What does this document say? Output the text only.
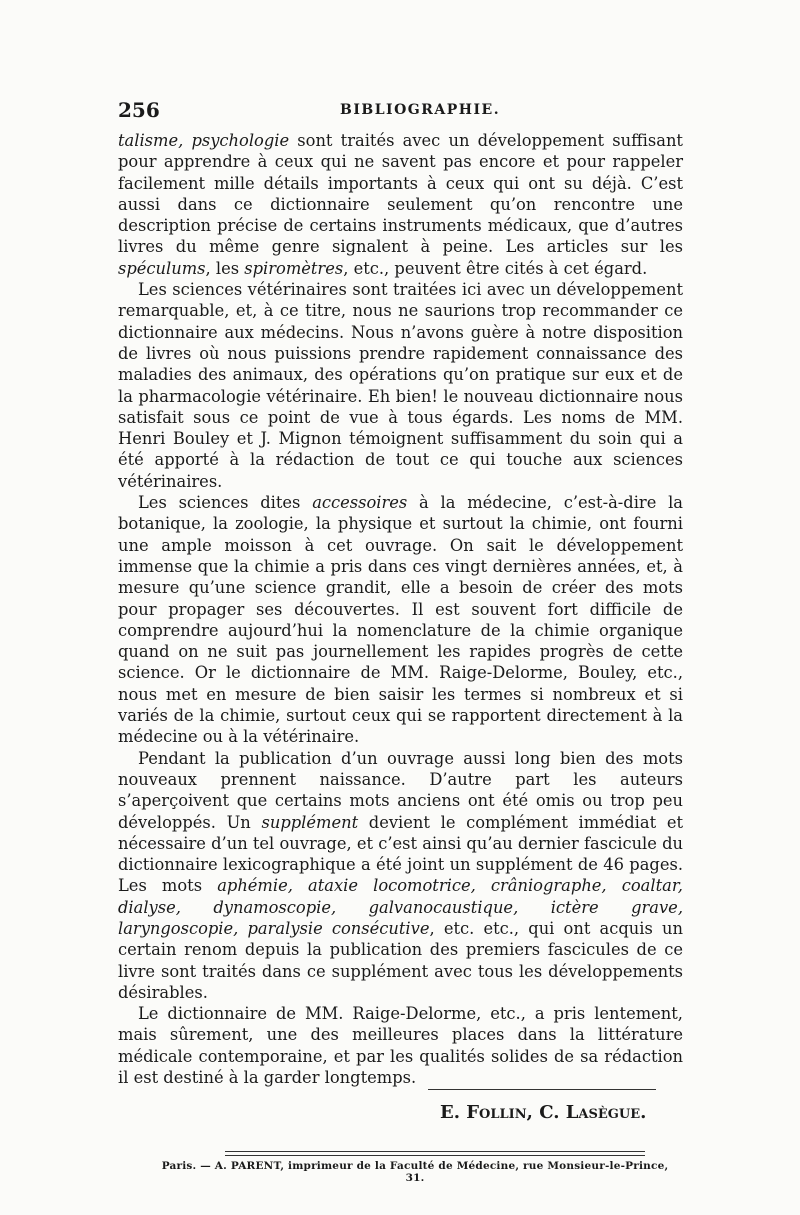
256	BIBLIOGRAPHIE.

talisme, psychologie sont traités avec un développement suffisant pour apprendre à ceux qui ne savent pas encore et pour rappeler facilement mille détails importants à ceux qui ont su déjà. C’est aussi dans ce dictionnaire seulement qu’on rencontre une description précise de certains instruments médicaux, que d’autres livres du même genre signalent à peine. Les articles sur les spéculums, les spiromètres, etc., peuvent être cités à cet égard.

Les sciences vétérinaires sont traitées ici avec un développement remarquable, et, à ce titre, nous ne saurions trop recommander ce dictionnaire aux médecins. Nous n’avons guère à notre disposition de livres où nous puissions prendre rapidement connaissance des maladies des animaux, des opérations qu’on pratique sur eux et de la pharmacologie vétérinaire. Eh bien! le nouveau dictionnaire nous satisfait sous ce point de vue à tous égards. Les noms de MM. Henri Bouley et J. Mignon témoignent suffisamment du soin qui a été apporté à la rédaction de tout ce qui touche aux sciences vétérinaires.

Les sciences dites accessoires à la médecine, c’est-à-dire la botanique, la zoologie, la physique et surtout la chimie, ont fourni une ample moisson à cet ouvrage. On sait le développement immense que la chimie a pris dans ces vingt dernières années, et, à mesure qu’une science grandit, elle a besoin de créer des mots pour propager ses découvertes. Il est souvent fort difficile de comprendre aujourd’hui la nomenclature de la chimie organique quand on ne suit pas journellement les rapides progrès de cette science. Or le dictionnaire de MM. Raige-Delorme, Bouley, etc., nous met en mesure de bien saisir les termes si nombreux et si variés de la chimie, surtout ceux qui se rapportent directement à la médecine ou à la vétérinaire.

Pendant la publication d’un ouvrage aussi long bien des mots nouveaux prennent naissance. D’autre part les auteurs s’aperçoivent que certains mots anciens ont été omis ou trop peu développés. Un supplément devient le complément immédiat et nécessaire d’un tel ouvrage, et c’est ainsi qu’au dernier fascicule du dictionnaire lexicographique a été joint un supplément de 46 pages. Les mots aphémie, ataxie locomotrice, crâniographe, coaltar, dialyse, dynamoscopie, galvanocaustique, ictère grave, laryngoscopie, paralysie consécutive, etc. etc., qui ont acquis un certain renom depuis la publication des premiers fascicules de ce livre sont traités dans ce supplément avec tous les développements désirables.

Le dictionnaire de MM. Raige-Delorme, etc., a pris lentement, mais sûrement, une des meilleures places dans la littérature médicale contemporaine, et par les qualités solides de sa rédaction il est destiné à la garder longtemps.

E. Follin, C. Lasègue.
Paris. — A. PARENT, imprimeur de la Faculté de Médecine, rue Monsieur-le-Prince, 31.
